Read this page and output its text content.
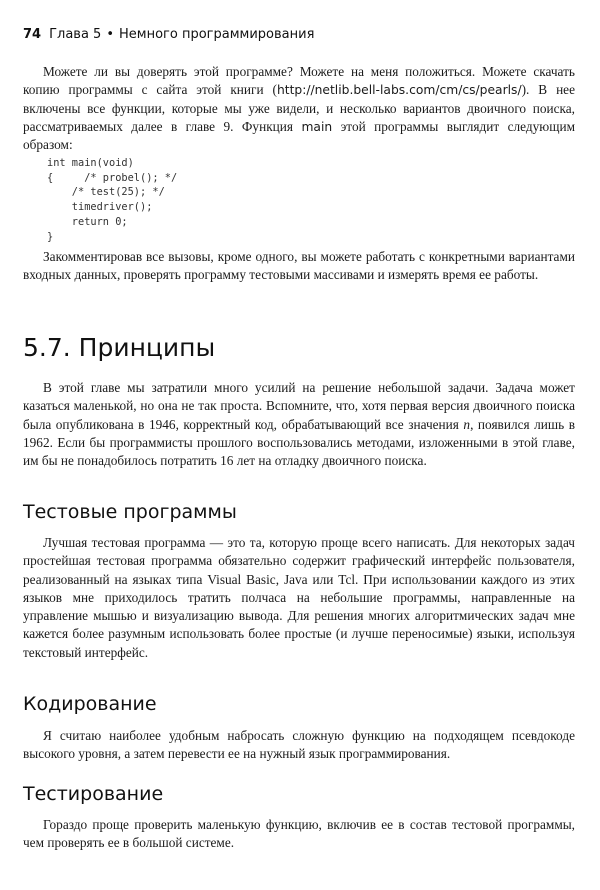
74 Глава 5 • Немного программирования

Можете ли вы доверять этой программе? Можете на меня положиться. Можете скачать копию программы с сайта этой книги (http://netlib.bell-labs.com/cm/cs/pearls/). В нее включены все функции, которые мы уже видели, и несколько вариантов двоичного поиска, рассматриваемых далее в главе 9. Функция main этой программы выглядит следующим образом:

int main(void)
{     /* probel(); */
/* test(25); */
timedriver();
return 0;
}

Закомментировав все вызовы, кроме одного, вы можете работать с конкретными вариантами входных данных, проверять программу тестовыми массивами и измерять время ее работы.

5.7. Принципы

В этой главе мы затратили много усилий на решение небольшой задачи. Задача может казаться маленькой, но она не так проста. Вспомните, что, хотя первая версия двоичного поиска была опубликована в 1946, корректный код, обрабатывающий все значения n, появился лишь в 1962. Если бы программисты прошлого воспользовались методами, изложенными в этой главе, им бы не понадобилось потратить 16 лет на отладку двоичного поиска.

Тестовые программы

Лучшая тестовая программа — это та, которую проще всего написать. Для некоторых задач простейшая тестовая программа обязательно содержит графический интерфейс пользователя, реализованный на языках типа Visual Basic, Java или Tcl. При использовании каждого из этих языков мне приходилось тратить полчаса на небольшие программы, направленные на управление мышью и визуализацию вывода. Для решения многих алгоритмических задач мне кажется более разумным использовать более простые (и лучше переносимые) языки, используя текстовый интерфейс.

Кодирование

Я считаю наиболее удобным набросать сложную функцию на подходящем псевдокоде высокого уровня, а затем перевести ее на нужный язык программирования.

Тестирование

Гораздо проще проверить маленькую функцию, включив ее в состав тестовой программы, чем проверять ее в большой системе.
